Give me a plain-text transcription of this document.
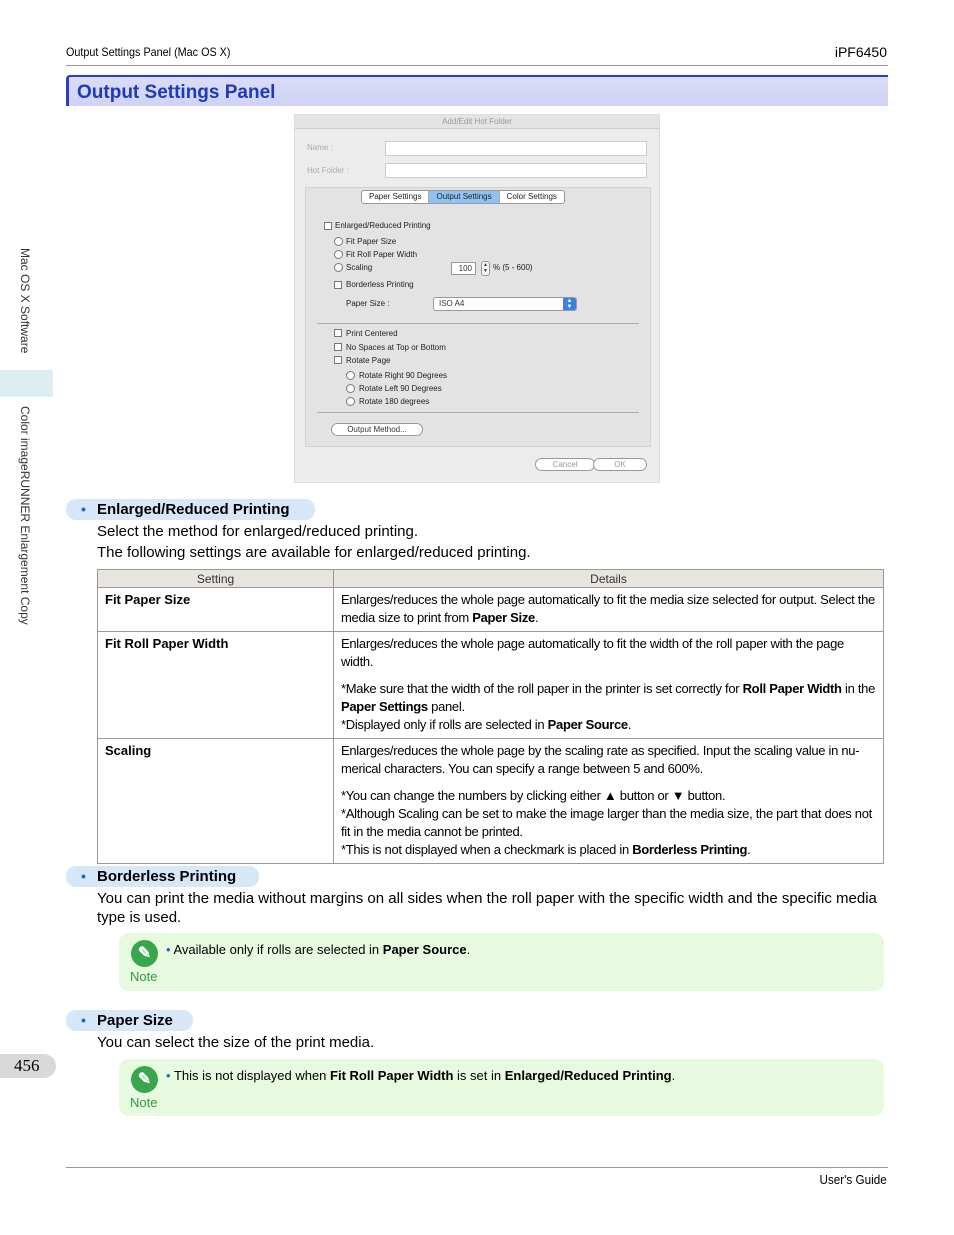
Output Settings Panel (Mac OS X)	iPF6450
Output Settings Panel
Mac OS X Software
Color imageRUNNER Enlargement Copy
456
Add/Edit Hot Folder
Name :
Hot Folder :
Paper Settings	Output Settings	Color Settings
Enlarged/Reduced Printing
Fit Paper Size
Fit Roll Paper Width
Scaling	100	▲
▼ % (5 - 600)
Borderless Printing
Paper Size :	ISO A4	▲
▼
Print Centered
No Spaces at Top or Bottom
Rotate Page
Rotate Right 90 Degrees
Rotate Left 90 Degrees
Rotate 180 degrees
Output Method...
Cancel	OK
• Enlarged/Reduced Printing
Select the method for enlarged/reduced printing.
The following settings are available for enlarged/reduced printing.
Setting	Details
Fit Paper Size	Enlarges/reduces the whole page automatically to fit the media size selected for output. Select the media size to print from Paper Size.

Fit Roll Paper Width	Enlarges/reduces the whole page automatically to fit the width of the roll paper with the page width.

*Make sure that the width of the roll paper in the printer is set correctly for Roll Paper Width in the Paper Settings panel.

*Displayed only if rolls are selected in Paper Source.

Scaling	Enlarges/reduces the whole page by the scaling rate as specified. Input the scaling value in numerical characters. You can specify a range between 5 and 600%.

*You can change the numbers by clicking either ▲ button or ▼ button.

*Although Scaling can be set to make the image larger than the media size, the part that does not fit in the media cannot be printed.

*This is not displayed when a checkmark is placed in Borderless Printing.

• Borderless Printing
You can print the media without margins on all sides when the roll paper with the specific width and the specific media type is used.
✎
Note
• Available only if rolls are selected in Paper Source.
• Paper Size
You can select the size of the print media.
✎
Note
• This is not displayed when Fit Roll Paper Width is set in Enlarged/Reduced Printing.
User's Guide
